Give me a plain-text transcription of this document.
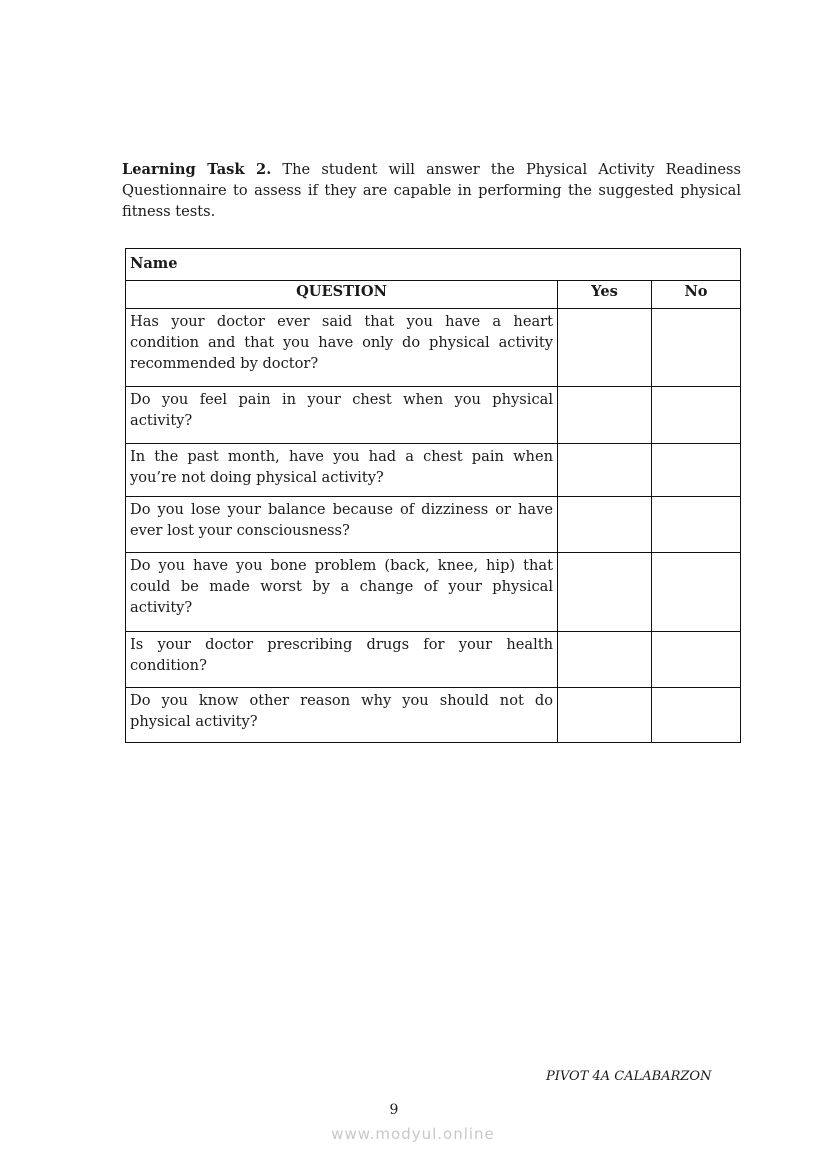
Learning Task 2. The student will answer the Physical Activity Readiness Questionnaire to assess if they are capable in performing the suggested physical fitness tests.

Name		
QUESTION	Yes	No
Has your doctor ever said that you have a heart condition and that you have only do physical activity recommended by doctor?		
Do you feel pain in your chest when you physical activity?		
In the past month, have you had a chest pain when you’re not doing physical activity?		
Do you lose your balance because of dizziness or have ever lost your consciousness?		
Do you have you bone problem (back, knee, hip) that could be made worst by a change of your physical activity?		
Is your doctor prescribing drugs for your health condition?		
Do you know other reason why you should not do physical activity?		
PIVOT 4A CALABARZON
9
www.modyul.online
